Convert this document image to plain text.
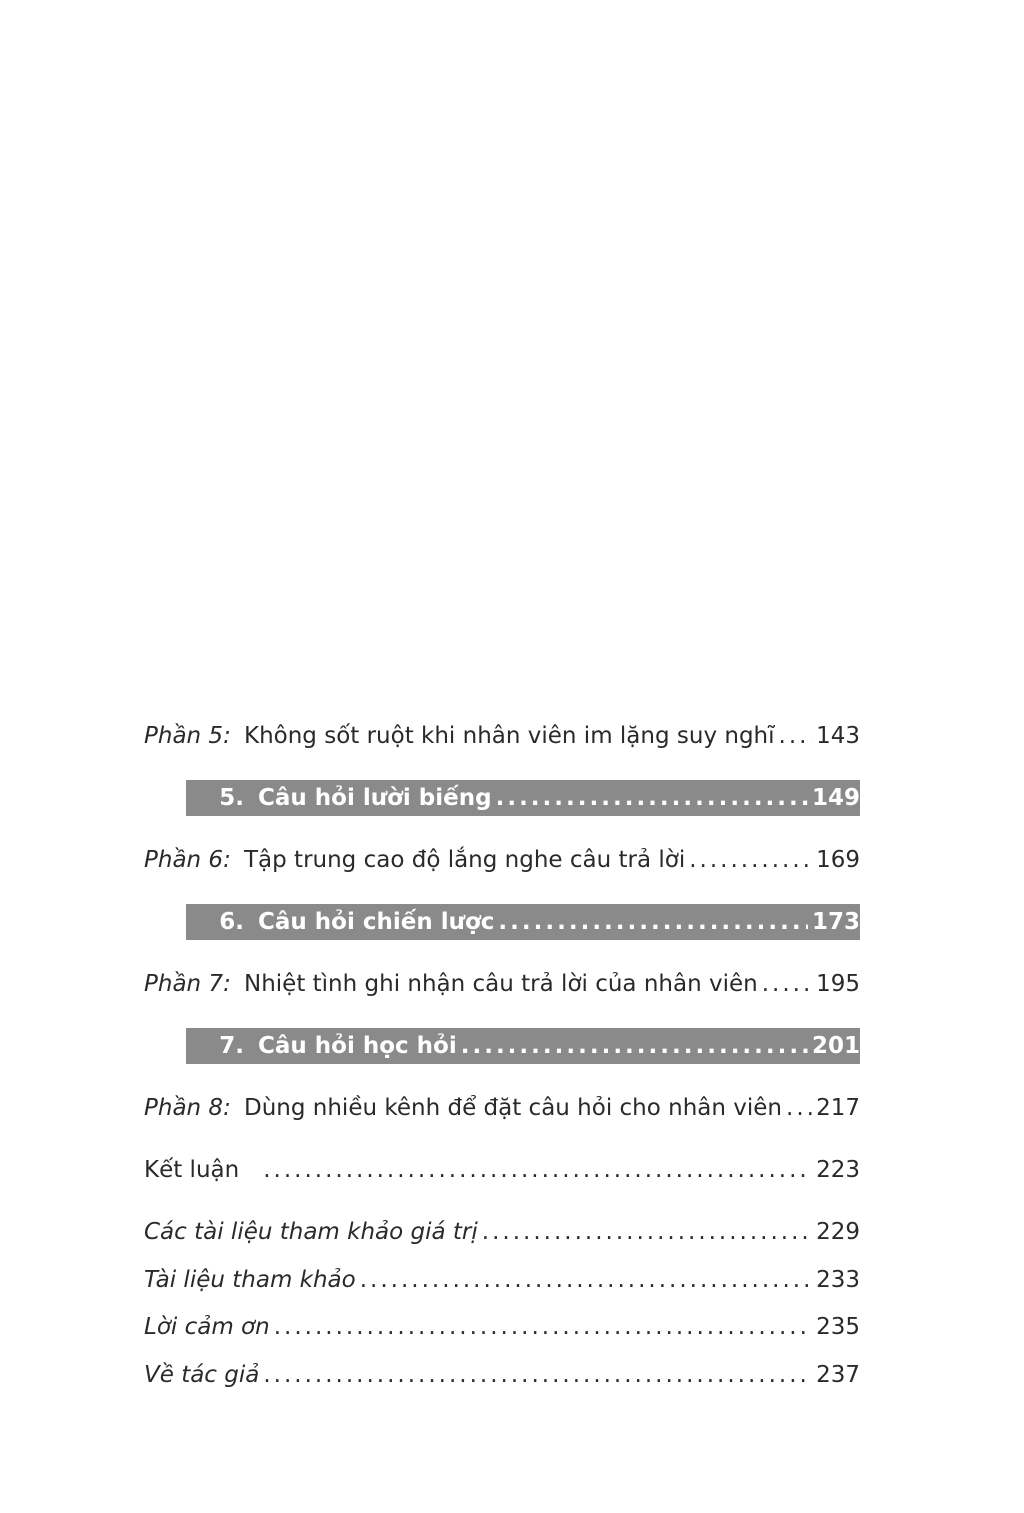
Phần 5: Không sốt ruột khi nhân viên im lặng suy nghĩ ..... 143
5. Câu hỏi lười biếng .....	149
Phần 6: Tập trung cao độ lắng nghe câu trả lời .....	169
6. Câu hỏi chiến lược .....	173
Phần 7: Nhiệt tình ghi nhận câu trả lời của nhân viên .....	195
7. Câu hỏi học hỏi .....	201
Phần 8: Dùng nhiều kênh để đặt câu hỏi cho nhân viên ..... 217
Kết luận .....	223
Các tài liệu tham khảo giá trị .....	229
Tài liệu tham khảo .....	233
Lời cảm ơn .....	235
Về tác giả .....	237
